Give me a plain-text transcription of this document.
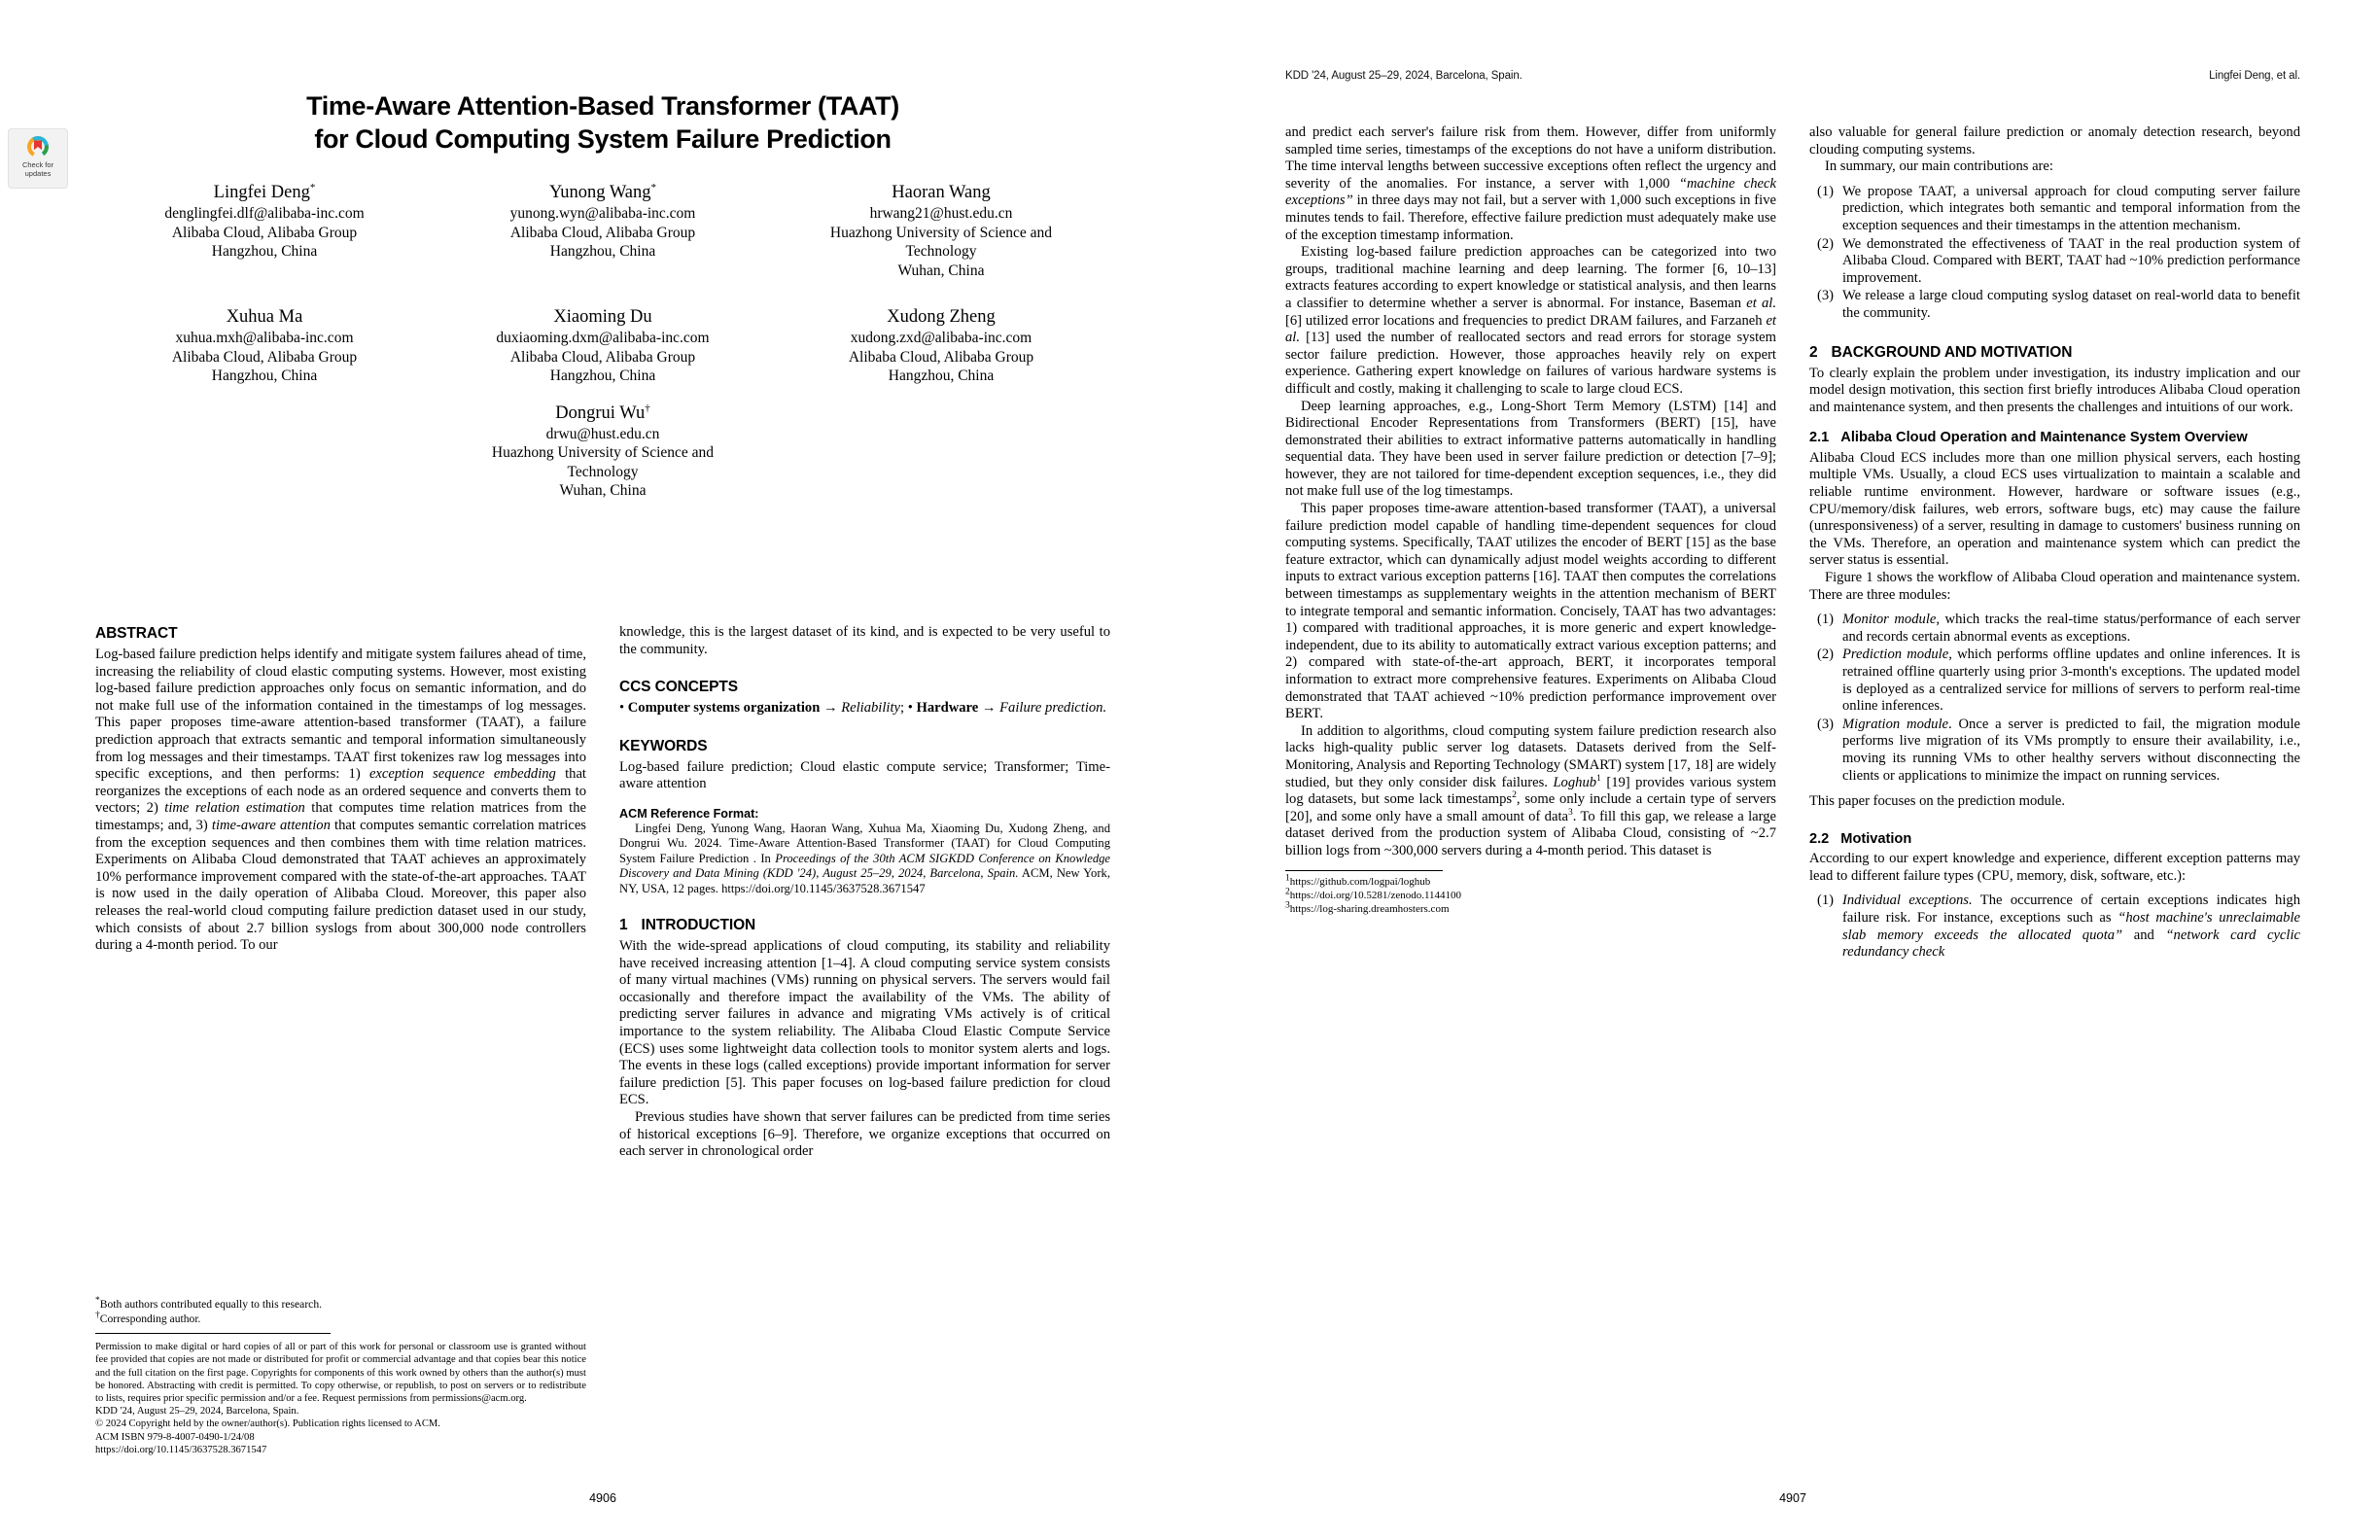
Check for
updates
Time-Aware Attention-Based Transformer (TAAT)
for Cloud Computing System Failure Prediction
Lingfei Deng*
denglingfei.dlf@alibaba-inc.com
Alibaba Cloud, Alibaba Group
Hangzhou, China
Yunong Wang*
yunong.wyn@alibaba-inc.com
Alibaba Cloud, Alibaba Group
Hangzhou, China
Haoran Wang
hrwang21@hust.edu.cn
Huazhong University of Science and
Technology
Wuhan, China
Xuhua Ma
xuhua.mxh@alibaba-inc.com
Alibaba Cloud, Alibaba Group
Hangzhou, China
Xiaoming Du
duxiaoming.dxm@alibaba-inc.com
Alibaba Cloud, Alibaba Group
Hangzhou, China
Xudong Zheng
xudong.zxd@alibaba-inc.com
Alibaba Cloud, Alibaba Group
Hangzhou, China
Dongrui Wu†
drwu@hust.edu.cn
Huazhong University of Science and
Technology
Wuhan, China
ABSTRACT

Log-based failure prediction helps identify and mitigate system failures ahead of time, increasing the reliability of cloud elastic computing systems. However, most existing log-based failure prediction approaches only focus on semantic information, and do not make full use of the information contained in the timestamps of log messages. This paper proposes time-aware attention-based transformer (TAAT), a failure prediction approach that extracts semantic and temporal information simultaneously from log messages and their timestamps. TAAT first tokenizes raw log messages into specific exceptions, and then performs: 1) exception sequence embedding that reorganizes the exceptions of each node as an ordered sequence and converts them to vectors; 2) time relation estimation that computes time relation matrices from the timestamps; and, 3) time-aware attention that computes semantic correlation matrices from the exception sequences and then combines them with time relation matrices. Experiments on Alibaba Cloud demonstrated that TAAT achieves an approximately 10% performance improvement compared with the state-of-the-art approaches. TAAT is now used in the daily operation of Alibaba Cloud. Moreover, this paper also releases the real-world cloud computing failure prediction dataset used in our study, which consists of about 2.7 billion syslogs from about 300,000 node controllers during a 4-month period. To our

*Both authors contributed equally to this research.
†Corresponding author.
Permission to make digital or hard copies of all or part of this work for personal or classroom use is granted without fee provided that copies are not made or distributed for profit or commercial advantage and that copies bear this notice and the full citation on the first page. Copyrights for components of this work owned by others than the author(s) must be honored. Abstracting with credit is permitted. To copy otherwise, or republish, to post on servers or to redistribute to lists, requires prior specific permission and/or a fee. Request permissions from permissions@acm.org.
KDD '24, August 25–29, 2024, Barcelona, Spain.
© 2024 Copyright held by the owner/author(s). Publication rights licensed to ACM.
ACM ISBN 979-8-4007-0490-1/24/08
https://doi.org/10.1145/3637528.3671547

knowledge, this is the largest dataset of its kind, and is expected to be very useful to the community.

CCS CONCEPTS

• Computer systems organization → Reliability; • Hardware → Failure prediction.

KEYWORDS

Log-based failure prediction; Cloud elastic compute service; Transformer; Time-aware attention

ACM Reference Format:

Lingfei Deng, Yunong Wang, Haoran Wang, Xuhua Ma, Xiaoming Du, Xudong Zheng, and Dongrui Wu. 2024. Time-Aware Attention-Based Transformer (TAAT) for Cloud Computing System Failure Prediction . In Proceedings of the 30th ACM SIGKDD Conference on Knowledge Discovery and Data Mining (KDD '24), August 25–29, 2024, Barcelona, Spain. ACM, New York, NY, USA, 12 pages. https://doi.org/10.1145/3637528.3671547

1 INTRODUCTION

With the wide-spread applications of cloud computing, its stability and reliability have received increasing attention [1–4]. A cloud computing service system consists of many virtual machines (VMs) running on physical servers. The servers would fail occasionally and therefore impact the availability of the VMs. The ability of predicting server failures in advance and migrating VMs actively is of critical importance to the system reliability. The Alibaba Cloud Elastic Compute Service (ECS) uses some lightweight data collection tools to monitor system alerts and logs. The events in these logs (called exceptions) provide important information for server failure prediction [5]. This paper focuses on log-based failure prediction for cloud ECS.

Previous studies have shown that server failures can be predicted from time series of historical exceptions [6–9]. Therefore, we organize exceptions that occurred on each server in chronological order

4906
KDD '24, August 25–29, 2024, Barcelona, Spain.	Lingfei Deng, et al.

and predict each server's failure risk from them. However, differ from uniformly sampled time series, timestamps of the exceptions do not have a uniform distribution. The time interval lengths between successive exceptions often reflect the urgency and severity of the anomalies. For instance, a server with 1,000 “machine check exceptions” in three days may not fail, but a server with 1,000 such exceptions in five minutes tends to fail. Therefore, effective failure prediction must adequately make use of the exception timestamp information.

Existing log-based failure prediction approaches can be categorized into two groups, traditional machine learning and deep learning. The former [6, 10–13] extracts features according to expert knowledge or statistical analysis, and then learns a classifier to determine whether a server is abnormal. For instance, Baseman et al. [6] utilized error locations and frequencies to predict DRAM failures, and Farzaneh et al. [13] used the number of reallocated sectors and read errors for storage system sector failure prediction. However, those approaches heavily rely on expert experience. Gathering expert knowledge on failures of various hardware systems is difficult and costly, making it challenging to scale to large cloud ECS.

Deep learning approaches, e.g., Long-Short Term Memory (LSTM) [14] and Bidirectional Encoder Representations from Transformers (BERT) [15], have demonstrated their abilities to extract informative patterns automatically in handling sequential data. They have been used in server failure prediction or detection [7–9]; however, they are not tailored for time-dependent exception sequences, i.e., they did not make full use of the log timestamps.

This paper proposes time-aware attention-based transformer (TAAT), a universal failure prediction model capable of handling time-dependent sequences for cloud computing systems. Specifically, TAAT utilizes the encoder of BERT [15] as the base feature extractor, which can dynamically adjust model weights according to different inputs to extract various exception patterns [16]. TAAT then computes the correlations between timestamps as supplementary weights in the attention mechanism of BERT to integrate temporal and semantic information. Concisely, TAAT has two advantages: 1) compared with traditional approaches, it is more generic and expert knowledge-independent, due to its ability to automatically extract various exception patterns; and 2) compared with state-of-the-art approach, BERT, it incorporates temporal information to extract more comprehensive features. Experiments on Alibaba Cloud demonstrated that TAAT achieved ~10% prediction performance improvement over BERT.

In addition to algorithms, cloud computing system failure prediction research also lacks high-quality public server log datasets. Datasets derived from the Self-Monitoring, Analysis and Reporting Technology (SMART) system [17, 18] are widely studied, but they only consider disk failures. Loghub$^1$ [19] provides various system log datasets, but some lack timestamps$^2$, some only include a certain type of servers [20], and some only have a small amount of data$^3$. To fill this gap, we release a large dataset derived from the production system of Alibaba Cloud, consisting of ~2.7 billion logs from ~300,000 servers during a 4-month period. This dataset is

$^1$https://github.com/logpai/loghub
$^2$https://doi.org/10.5281/zenodo.1144100
$^3$https://log-sharing.dreamhosters.com

also valuable for general failure prediction or anomaly detection research, beyond clouding computing systems.

In summary, our main contributions are:

(1) We propose TAAT, a universal approach for cloud computing server failure prediction, which integrates both semantic and temporal information from the exception sequences and their timestamps in the attention mechanism.
(2) We demonstrated the effectiveness of TAAT in the real production system of Alibaba Cloud. Compared with BERT, TAAT had ~10% prediction performance improvement.
(3) We release a large cloud computing syslog dataset on real-world data to benefit the community.
2 BACKGROUND AND MOTIVATION

To clearly explain the problem under investigation, its industry implication and our model design motivation, this section first briefly introduces Alibaba Cloud operation and maintenance system, and then presents the challenges and intuitions of our work.

2.1 Alibaba Cloud Operation and Maintenance System Overview

Alibaba Cloud ECS includes more than one million physical servers, each hosting multiple VMs. Usually, a cloud ECS uses virtualization to maintain a scalable and reliable runtime environment. However, hardware or software issues (e.g., CPU/memory/disk failures, web errors, software bugs, etc) may cause the failure (unresponsiveness) of a server, resulting in damage to customers' business running on the VMs. Therefore, an operation and maintenance system which can predict the server status is essential.

Figure 1 shows the workflow of Alibaba Cloud operation and maintenance system. There are three modules:

(1) Monitor module, which tracks the real-time status/performance of each server and records certain abnormal events as exceptions.
(2) Prediction module, which performs offline updates and online inferences. It is retrained offline quarterly using prior 3-month's exceptions. The updated model is deployed as a centralized service for millions of servers to perform real-time online inferences.
(3) Migration module. Once a server is predicted to fail, the migration module performs live migration of its VMs promptly to ensure their availability, i.e., moving its running VMs to other healthy servers without disconnecting the clients or applications to minimize the impact on running services.

This paper focuses on the prediction module.

2.2 Motivation

According to our expert knowledge and experience, different exception patterns may lead to different failure types (CPU, memory, disk, software, etc.):

(1) Individual exceptions. The occurrence of certain exceptions indicates high failure risk. For instance, exceptions such as “host machine's unreclaimable slab memory exceeds the allocated quota” and “network card cyclic redundancy check
4907
